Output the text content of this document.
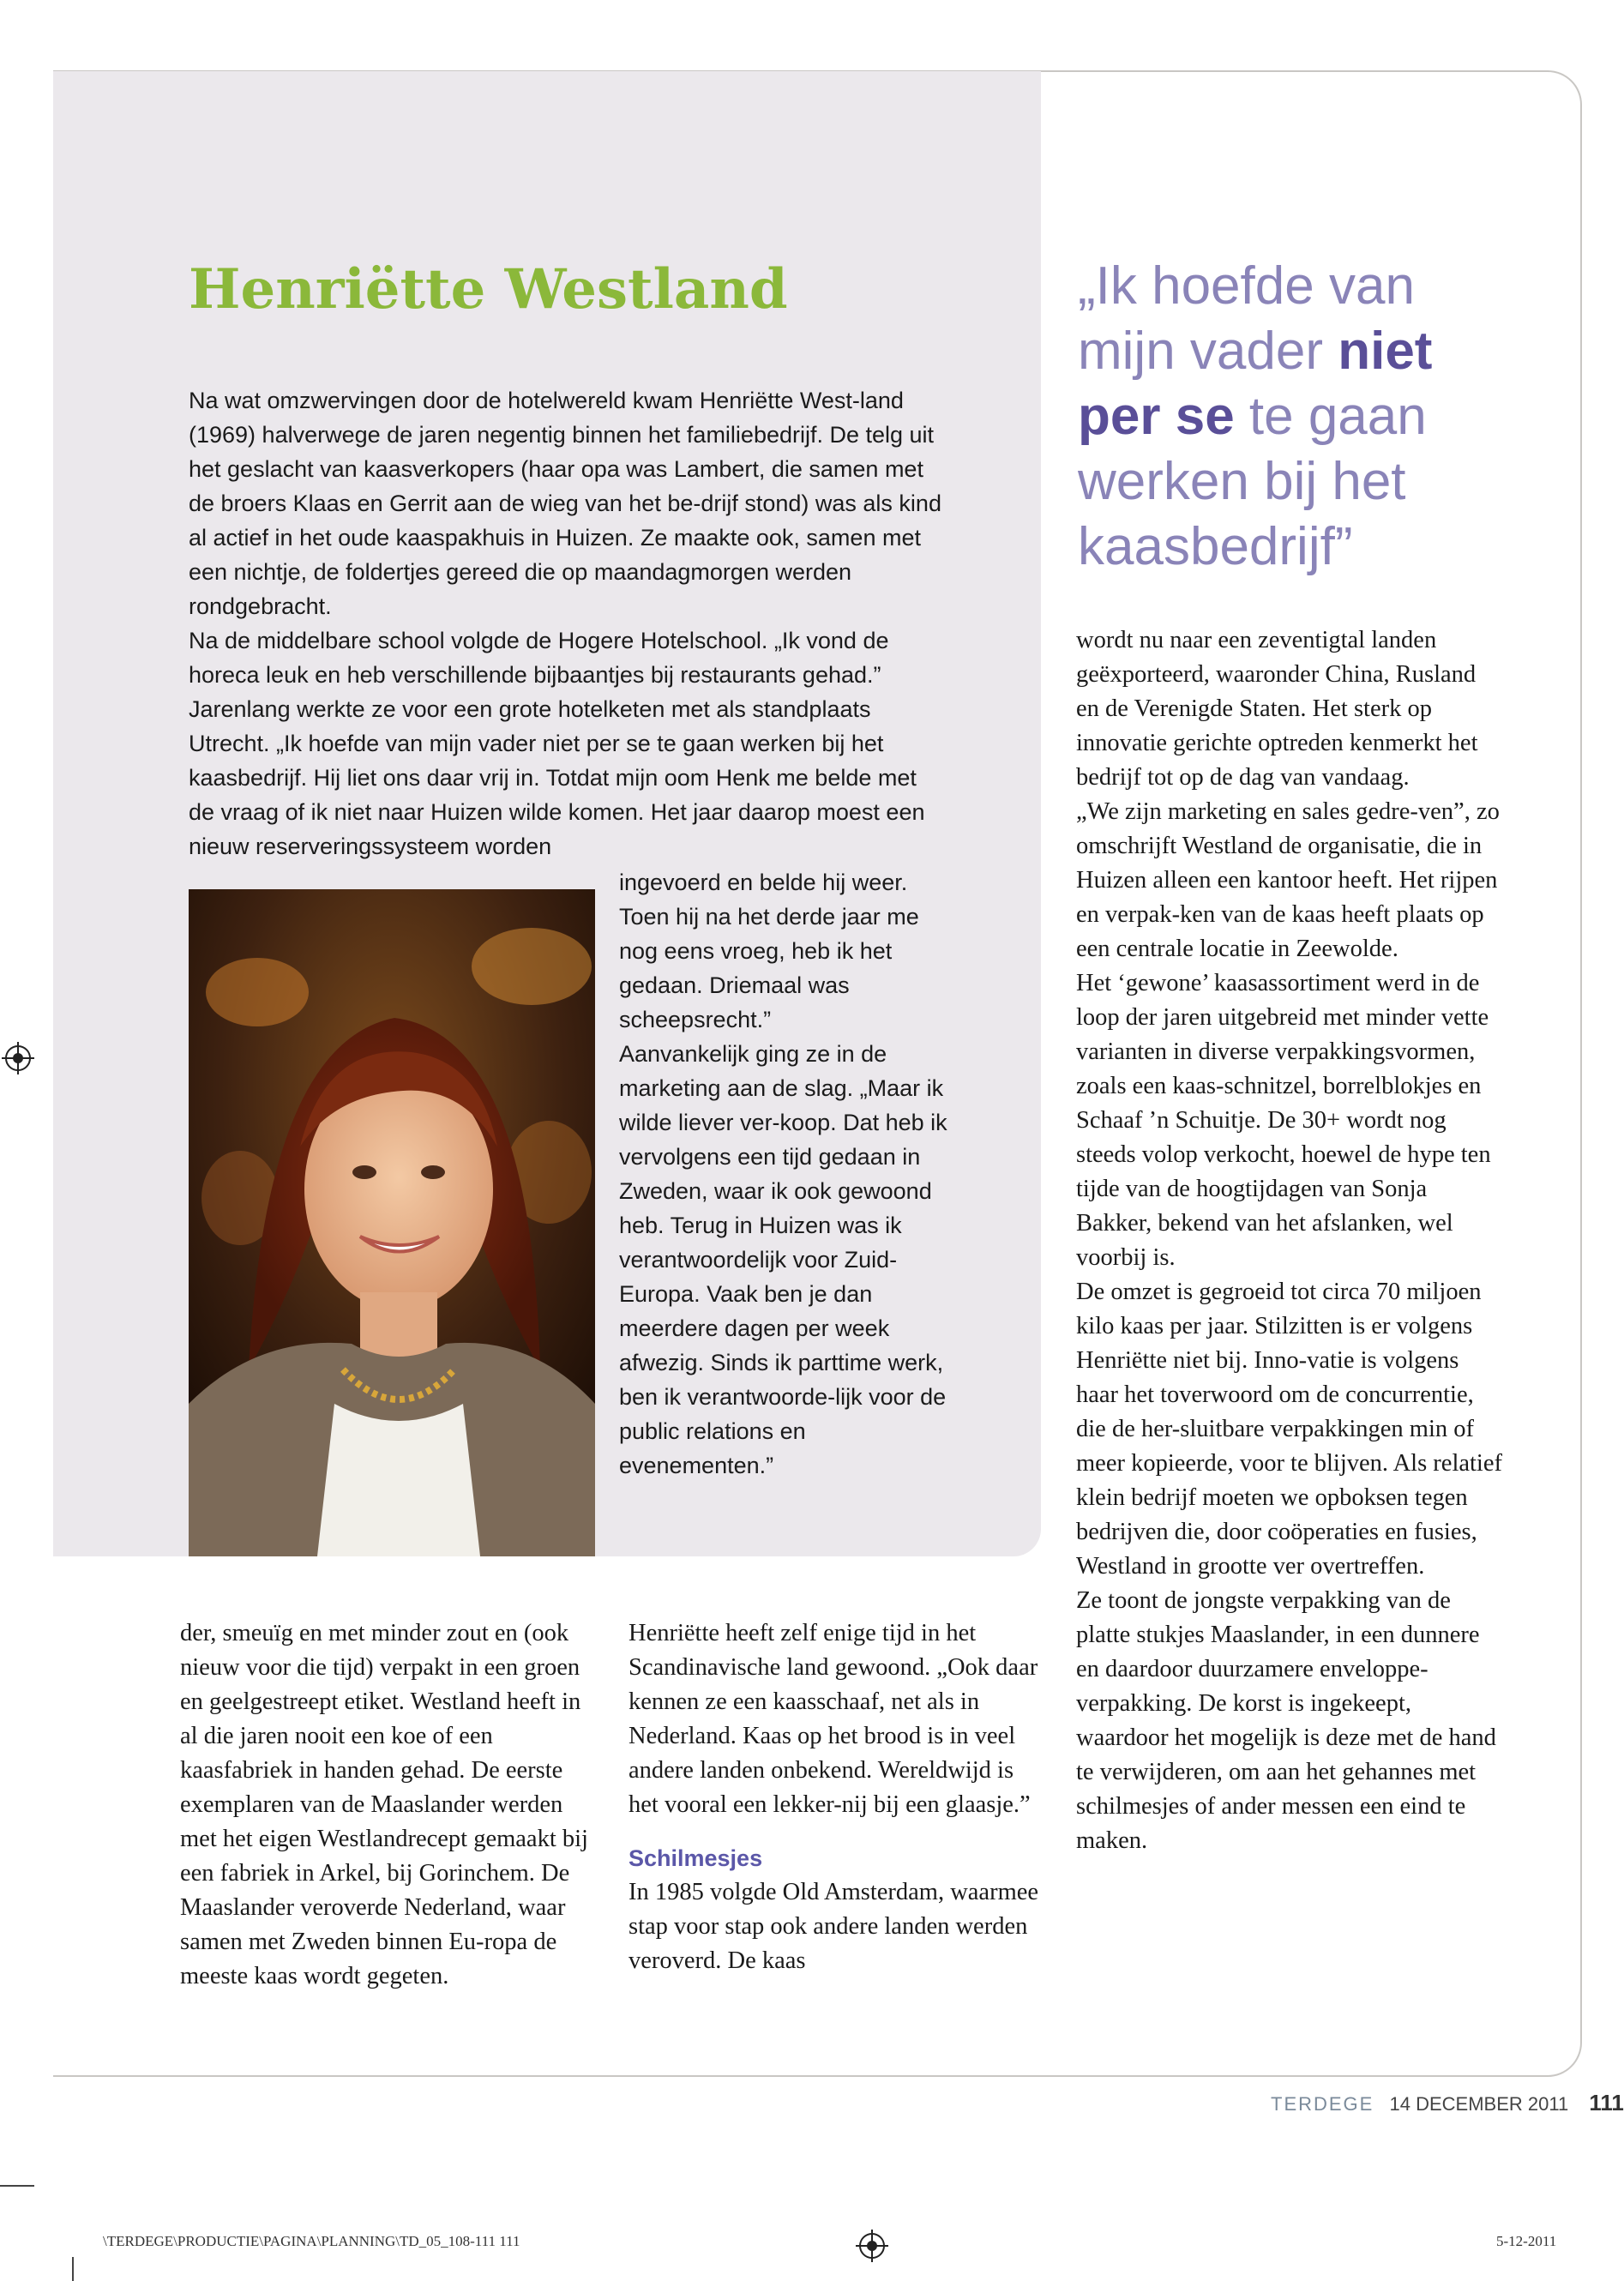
Henriëtte Westland

Na wat omzwervingen door de hotelwereld kwam Henriëtte West-land (1969) halverwege de jaren negentig binnen het familiebedrijf. De telg uit het geslacht van kaasverkopers (haar opa was Lambert, die samen met de broers Klaas en Gerrit aan de wieg van het be-drijf stond) was als kind al actief in het oude kaaspakhuis in Huizen. Ze maakte ook, samen met een nichtje, de foldertjes gereed die op maandagmorgen werden rondgebracht.

Na de middelbare school volgde de Hogere Hotelschool. „Ik vond de horeca leuk en heb verschillende bijbaantjes bij restaurants gehad.” Jarenlang werkte ze voor een grote hotelketen met als standplaats Utrecht. „Ik hoefde van mijn vader niet per se te gaan werken bij het kaasbedrijf. Hij liet ons daar vrij in. Totdat mijn oom Henk me belde met de vraag of ik niet naar Huizen wilde komen. Het jaar daarop moest een nieuw reserveringssysteem worden

ingevoerd en belde hij weer. Toen hij na het derde jaar me nog eens vroeg, heb ik het gedaan. Driemaal was scheepsrecht.”

Aanvankelijk ging ze in de marketing aan de slag. „Maar ik wilde liever ver-koop. Dat heb ik vervolgens een tijd gedaan in Zweden, waar ik ook gewoond heb. Terug in Huizen was ik verantwoordelijk voor Zuid-Europa. Vaak ben je dan meerdere dagen per week afwezig. Sinds ik parttime werk, ben ik verantwoorde-lijk voor de public relations en evenementen.”

„Ik hoefde van mijn vader niet per se te gaan werken bij het kaasbedrijf”

der, smeuïg en met minder zout en (ook nieuw voor die tijd) verpakt in een groen en geelgestreept etiket. Westland heeft in al die jaren nooit een koe of een kaasfabriek in handen gehad. De eerste exemplaren van de Maaslander werden met het eigen Westlandrecept gemaakt bij een fabriek in Arkel, bij Gorinchem. De Maaslander veroverde Nederland, waar samen met Zweden binnen Eu-ropa de meeste kaas wordt gegeten.

Henriëtte heeft zelf enige tijd in het Scandinavische land gewoond. „Ook daar kennen ze een kaasschaaf, net als in Nederland. Kaas op het brood is in veel andere landen onbekend. Wereldwijd is het vooral een lekker-nij bij een glaasje.”

Schilmesjes

In 1985 volgde Old Amsterdam, waarmee stap voor stap ook andere landen werden veroverd. De kaas

wordt nu naar een zeventigtal landen geëxporteerd, waaronder China, Rusland en de Verenigde Staten. Het sterk op innovatie gerichte optreden kenmerkt het bedrijf tot op de dag van vandaag.

„We zijn marketing en sales gedre-ven”, zo omschrijft Westland de organisatie, die in Huizen alleen een kantoor heeft. Het rijpen en verpak-ken van de kaas heeft plaats op een centrale locatie in Zeewolde.

Het ‘gewone’ kaasassortiment werd in de loop der jaren uitgebreid met minder vette varianten in diverse verpakkingsvormen, zoals een kaas-schnitzel, borrelblokjes en Schaaf ’n Schuitje. De 30+ wordt nog steeds volop verkocht, hoewel de hype ten tijde van de hoogtijdagen van Sonja Bakker, bekend van het afslanken, wel voorbij is.

De omzet is gegroeid tot circa 70 miljoen kilo kaas per jaar. Stilzitten is er volgens Henriëtte niet bij. Inno-vatie is volgens haar het toverwoord om de concurrentie, die de her-sluitbare verpakkingen min of meer kopieerde, voor te blijven. Als relatief klein bedrijf moeten we opboksen tegen bedrijven die, door coöperaties en fusies, Westland in grootte ver overtreffen.

Ze toont de jongste verpakking van de platte stukjes Maaslander, in een dunnere en daardoor duurzamere enveloppe-verpakking. De korst is ingekeept, waardoor het mogelijk is deze met de hand te verwijderen, om aan het gehannes met schilmesjes of ander messen een eind te maken.

TERDEGE 14 DECEMBER 2011 111
\TERDEGE\PRODUCTIE\PAGINA\PLANNING\TD_05_108-111 111	5-12-2011
